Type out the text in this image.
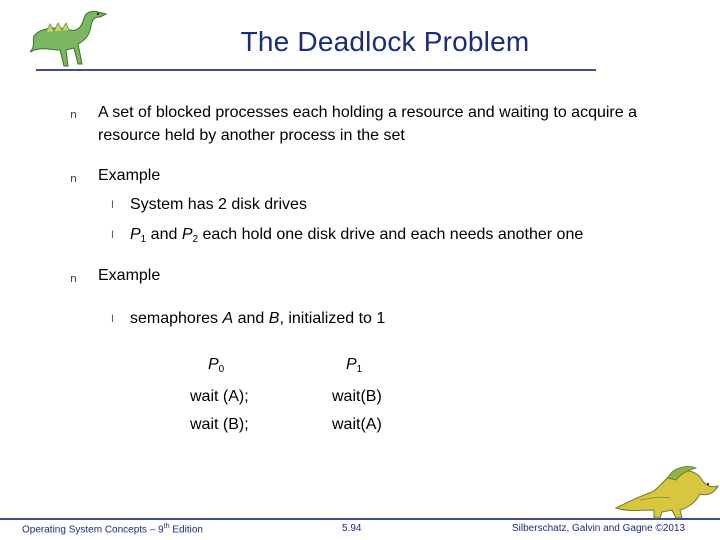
The Deadlock Problem
n A set of blocked processes each holding a resource and waiting to acquire a resource held by another process in the set
n Example
l System has 2 disk drives
l $P_1$ and $P_2$ each hold one disk drive and each needs another one
n Example
l semaphores A and B, initialized to 1
$P_0$	$P_1$
wait (A);	wait(B)
wait (B);	wait(A)
Operating System Concepts – 9th Edition	5.94	Silberschatz, Galvin and Gagne ©2013
